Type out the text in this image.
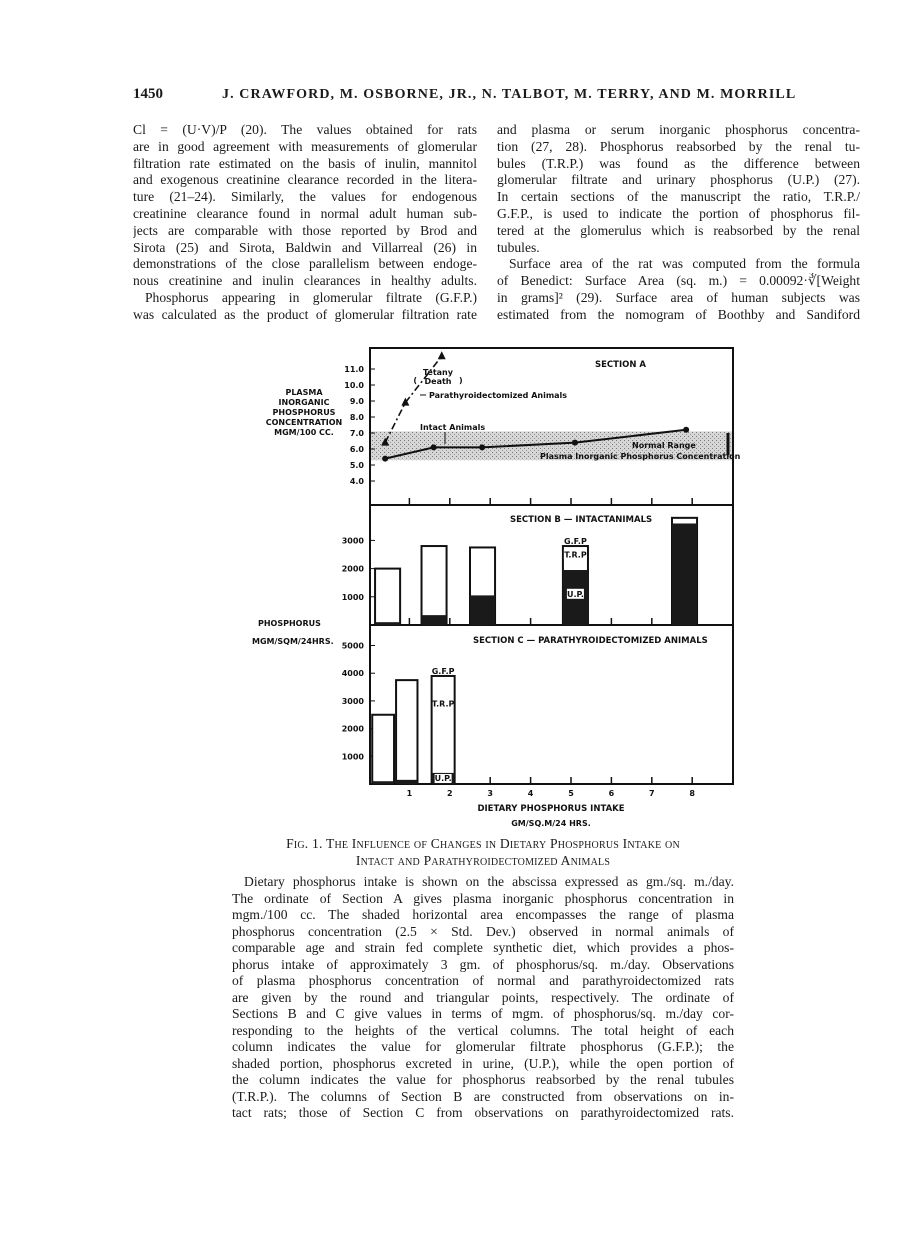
1450	J. CRAWFORD, M. OSBORNE, JR., N. TALBOT, M. TERRY, AND M. MORRILL
Cl = (U·V)/P (20). The values obtained for rats
are in good agreement with measurements of glomerular
filtration rate estimated on the basis of inulin, mannitol
and exogenous creatinine clearance recorded in the litera-
ture (21–24). Similarly, the values for endogenous
creatinine clearance found in normal adult human sub-
jects are comparable with those reported by Brod and
Sirota (25) and Sirota, Baldwin and Villarreal (26) in
demonstrations of the close parallelism between endoge-
nous creatinine and inulin clearances in healthy adults.
Phosphorus appearing in glomerular filtrate (G.F.P.)
was calculated as the product of glomerular filtration rate
and plasma or serum inorganic phosphorus concentra-
tion (27, 28). Phosphorus reabsorbed by the renal tu-
bules (T.R.P.) was found as the difference between
glomerular filtrate and urinary phosphorus (U.P.) (27).
In certain sections of the manuscript the ratio, T.R.P./
G.F.P., is used to indicate the portion of phosphorus fil-
tered at the glomerulus which is reabsorbed by the renal
tubules.
Surface area of the rat was computed from the formula
of Benedict: Surface Area (sq. m.) = 0.00092·∛[Weight
in grams]² (29). Surface area of human subjects was
estimated from the nomogram of Boothby and Sandiford
SECTION A
Normal Range
Plasma Inorganic Phosphorus Concentration
11.0
10.0
9.0
8.0
7.0
6.0
5.0
4.0
PLASMA
INORGANIC
PHOSPHORUS
CONCENTRATION
MGM/100 CC.
Intact Animals
Parathyroidectomized Animals
Tetany
Death
(	)
3000
2000
1000
SECTION B — INTACTANIMALS
G.F.P
T.R.P
U.P.
5000
4000
3000
2000
1000
SECTION C — PARATHYROIDECTOMIZED ANIMALS
G.F.P
T.R.P
U.P.
1	2	3	4	5	6	7	8
DIETARY PHOSPHORUS INTAKE
GM/SQ.M/24 HRS.
PHOSPHORUS
MGM/SQM/24HRS.
Fig. 1. The Influence of Changes in Dietary Phosphorus Intake on
Intact and Parathyroidectomized Animals
Dietary phosphorus intake is shown on the abscissa expressed as gm./sq. m./day.
The ordinate of Section A gives plasma inorganic phosphorus concentration in
mgm./100 cc. The shaded horizontal area encompasses the range of plasma
phosphorus concentration (2.5 × Std. Dev.) observed in normal animals of
comparable age and strain fed complete synthetic diet, which provides a phos-
phorus intake of approximately 3 gm. of phosphorus/sq. m./day. Observations
of plasma phosphorus concentration of normal and parathyroidectomized rats
are given by the round and triangular points, respectively. The ordinate of
Sections B and C give values in terms of mgm. of phosphorus/sq. m./day cor-
responding to the heights of the vertical columns. The total height of each
column indicates the value for glomerular filtrate phosphorus (G.F.P.); the
shaded portion, phosphorus excreted in urine, (U.P.), while the open portion of
the column indicates the value for phosphorus reabsorbed by the renal tubules
(T.R.P.). The columns of Section B are constructed from observations on in-
tact rats; those of Section C from observations on parathyroidectomized rats.
